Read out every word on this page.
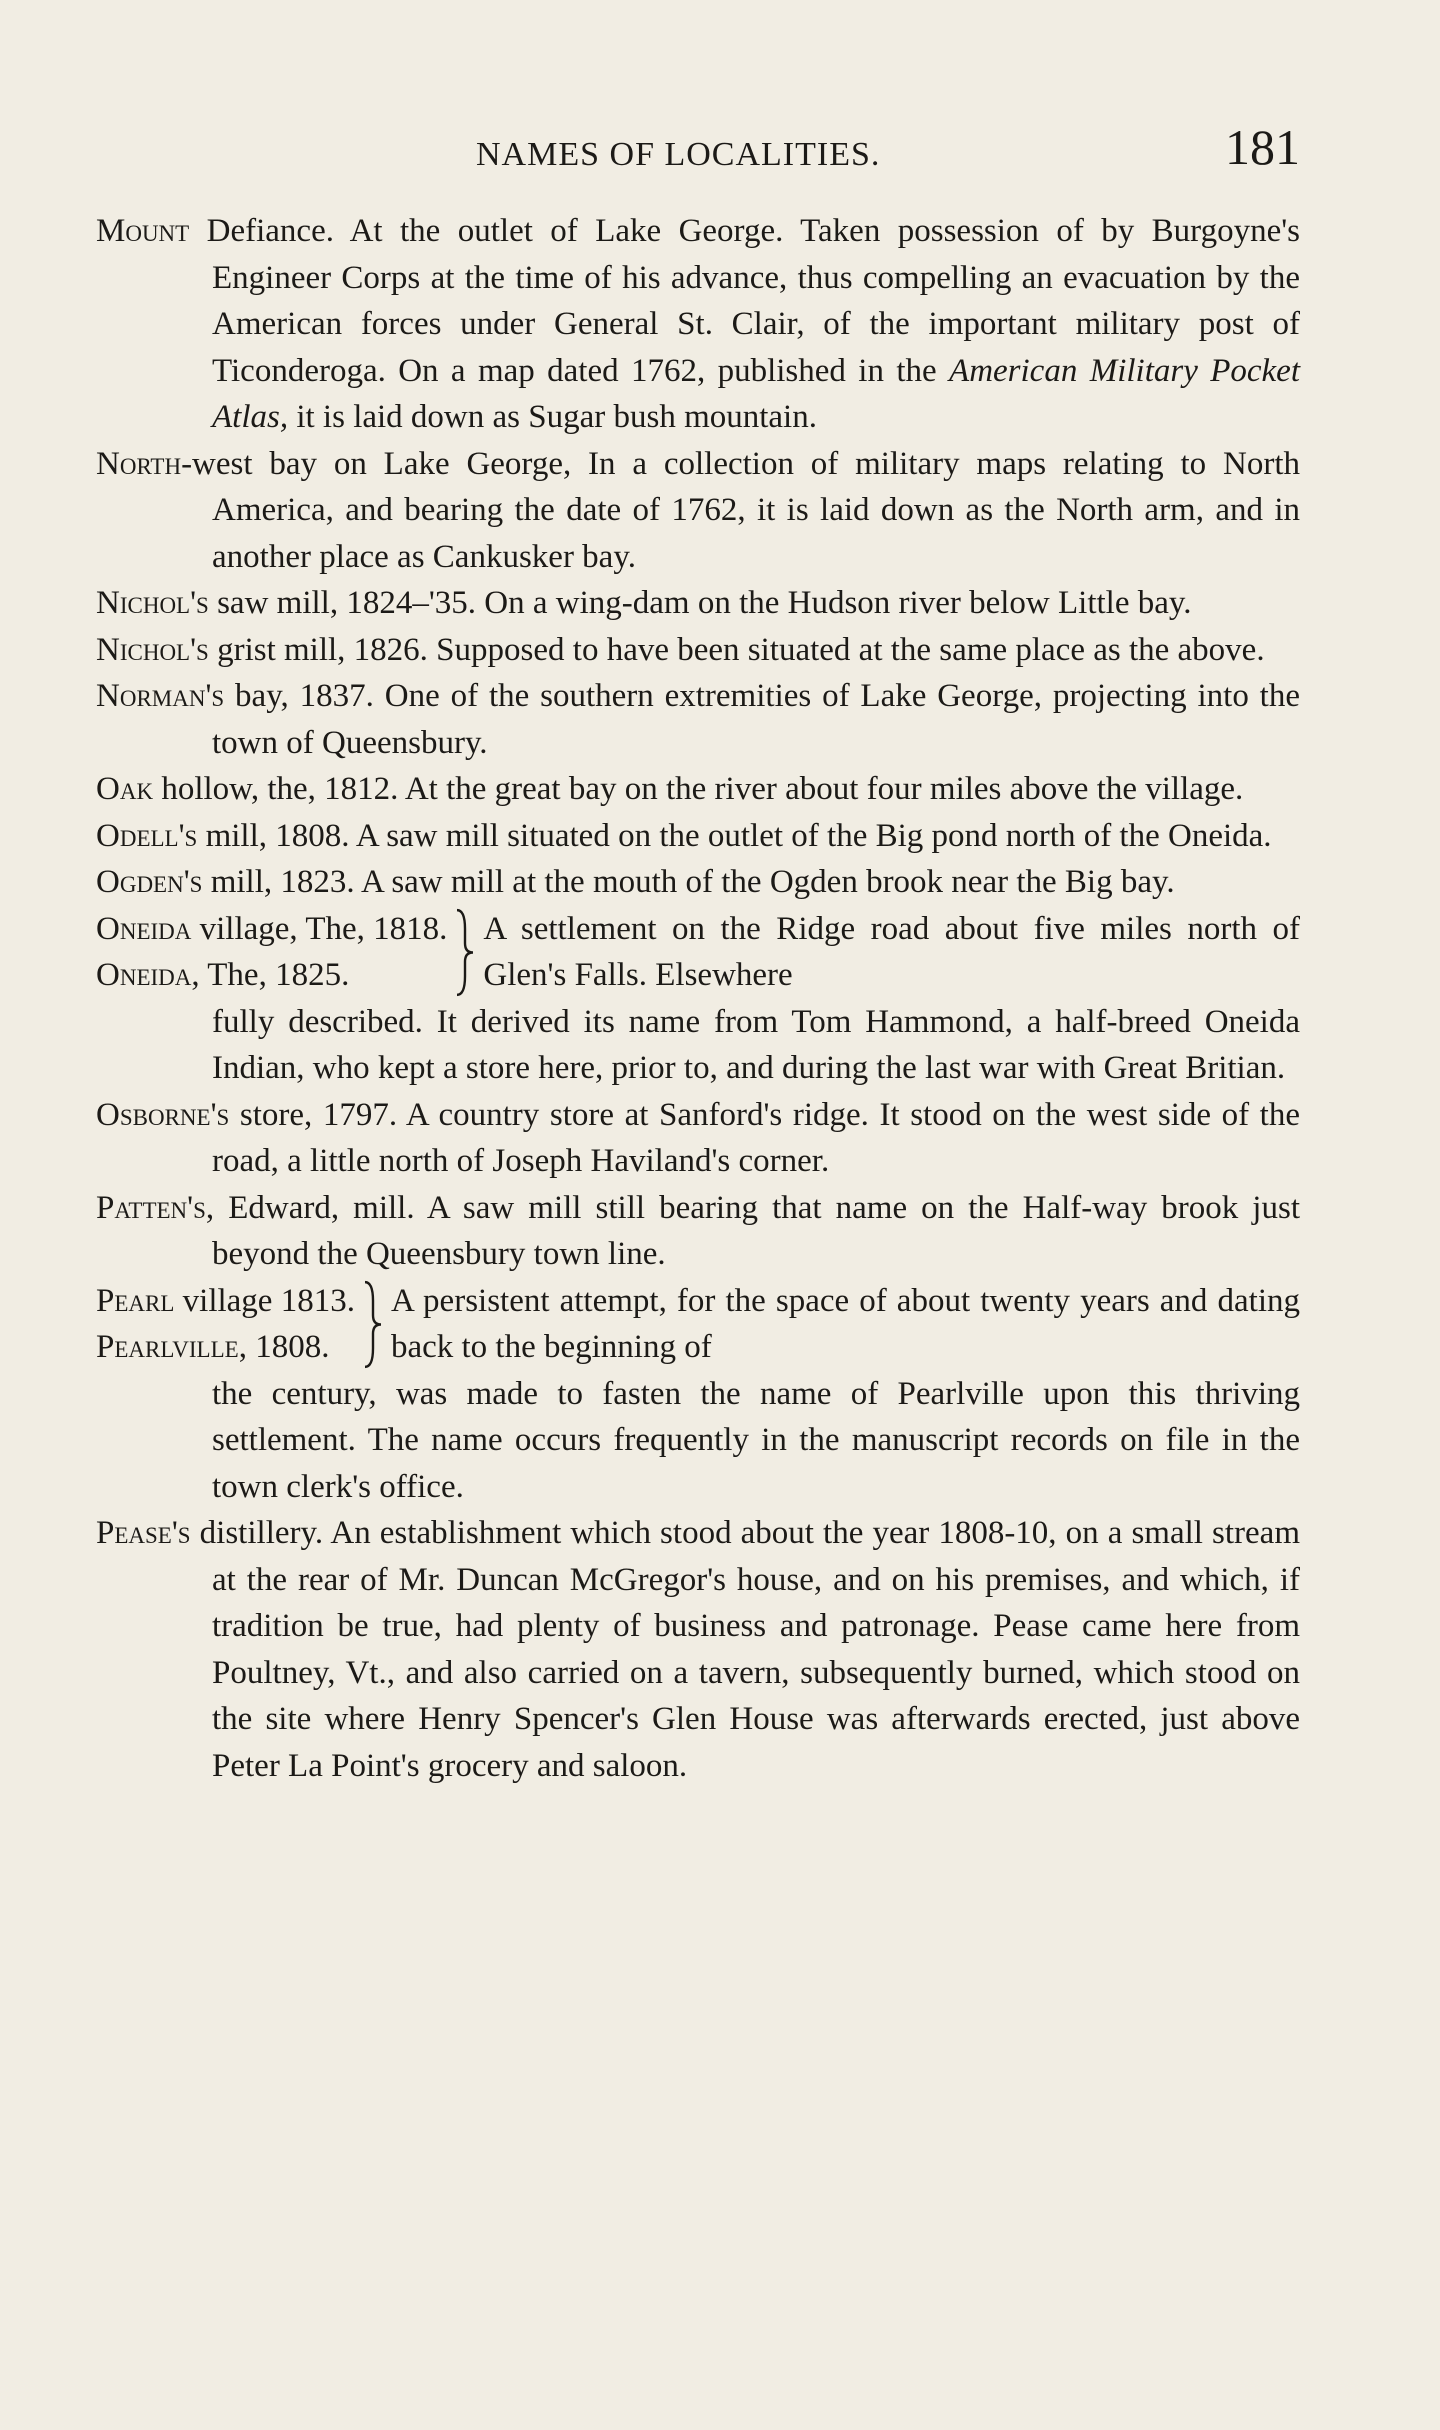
NAMES OF LOCALITIES.	181

Mount Defiance. At the outlet of Lake George. Taken possession of by Burgoyne's Engineer Corps at the time of his advance, thus compelling an evacuation by the American forces under General St. Clair, of the important military post of Ticonderoga. On a map dated 1762, published in the American Military Pocket Atlas, it is laid down as Sugar bush mountain.

North-west bay on Lake George, In a collection of military maps relating to North America, and bearing the date of 1762, it is laid down as the North arm, and in another place as Cankusker bay.

Nichol's saw mill, 1824–'35. On a wing-dam on the Hudson river below Little bay.

Nichol's grist mill, 1826. Supposed to have been situated at the same place as the above.

Norman's bay, 1837. One of the southern extremities of Lake George, projecting into the town of Queensbury.

Oak hollow, the, 1812. At the great bay on the river about four miles above the village.

Odell's mill, 1808. A saw mill situated on the outlet of the Big pond north of the Oneida.

Ogden's mill, 1823. A saw mill at the mouth of the Ogden brook near the Big bay.

Oneida village, The, 1818.
Oneida, The, 1825.
A settlement on the Ridge road about five miles north of Glen's Falls. Elsewhere

fully described. It derived its name from Tom Hammond, a half-breed Oneida Indian, who kept a store here, prior to, and during the last war with Great Britian.

Osborne's store, 1797. A country store at Sanford's ridge. It stood on the west side of the road, a little north of Joseph Haviland's corner.

Patten's, Edward, mill. A saw mill still bearing that name on the Half-way brook just beyond the Queensbury town line.

Pearl village 1813.
Pearlville, 1808.
A persistent attempt, for the space of about twenty years and dating back to the beginning of

the century, was made to fasten the name of Pearlville upon this thriving settlement. The name occurs frequently in the manuscript records on file in the town clerk's office.

Pease's distillery. An establishment which stood about the year 1808-10, on a small stream at the rear of Mr. Duncan McGregor's house, and on his premises, and which, if tradition be true, had plenty of business and patronage. Pease came here from Poultney, Vt., and also carried on a tavern, subsequently burned, which stood on the site where Henry Spencer's Glen House was afterwards erected, just above Peter La Point's grocery and saloon.
